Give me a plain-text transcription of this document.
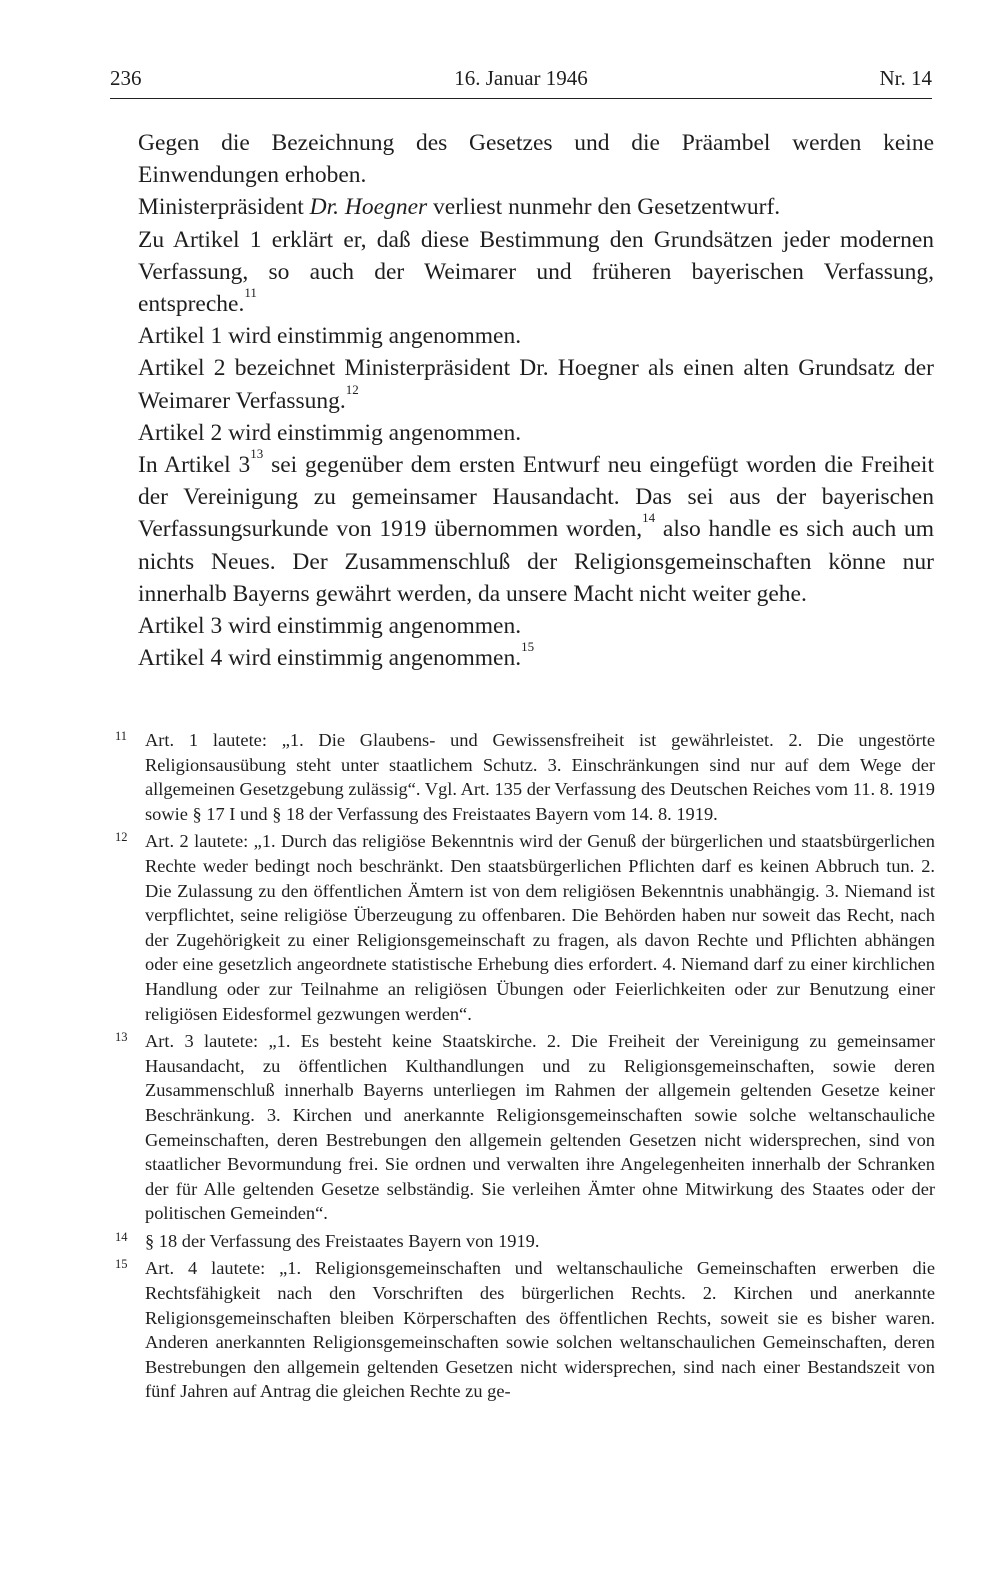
236	16. Januar 1946	Nr. 14

Gegen die Bezeichnung des Gesetzes und die Präambel werden keine Einwendungen erhoben.

Ministerpräsident Dr. Hoegner verliest nunmehr den Gesetzentwurf.

Zu Artikel 1 erklärt er, daß diese Bestimmung den Grundsätzen jeder modernen Verfassung, so auch der Weimarer und früheren bayerischen Verfassung, entspreche.$^{11}$

Artikel 1 wird einstimmig angenommen.

Artikel 2 bezeichnet Ministerpräsident Dr. Hoegner als einen alten Grundsatz der Weimarer Verfassung.$^{12}$

Artikel 2 wird einstimmig angenommen.

In Artikel $3^{13}$ sei gegenüber dem ersten Entwurf neu eingefügt worden die Freiheit der Vereinigung zu gemeinsamer Hausandacht. Das sei aus der bayerischen Verfassungsurkunde von 1919 übernommen worden,$^{14}$ also handle es sich auch um nichts Neues. Der Zusammenschluß der Religionsgemeinschaften könne nur innerhalb Bayerns gewährt werden, da unsere Macht nicht weiter gehe.

Artikel 3 wird einstimmig angenommen.

Artikel 4 wird einstimmig angenommen.$^{15}$

11 Art. 1 lautete: „1. Die Glaubens- und Gewissensfreiheit ist gewährleistet. 2. Die ungestörte Religionsausübung steht unter staatlichem Schutz. 3. Einschränkungen sind nur auf dem Wege der allgemeinen Gesetzgebung zulässig“. Vgl. Art. 135 der Verfassung des Deutschen Reiches vom 11. 8. 1919 sowie § 17 I und § 18 der Verfassung des Freistaates Bayern vom 14. 8. 1919.
12 Art. 2 lautete: „1. Durch das religiöse Bekenntnis wird der Genuß der bürgerlichen und staatsbürgerlichen Rechte weder bedingt noch beschränkt. Den staatsbürgerlichen Pflichten darf es keinen Abbruch tun. 2. Die Zulassung zu den öffentlichen Ämtern ist von dem religiösen Bekenntnis unabhängig. 3. Niemand ist verpflichtet, seine religiöse Überzeugung zu offenbaren. Die Behörden haben nur soweit das Recht, nach der Zugehörigkeit zu einer Religionsgemeinschaft zu fragen, als davon Rechte und Pflichten abhängen oder eine gesetzlich angeordnete statistische Erhebung dies erfordert. 4. Niemand darf zu einer kirchlichen Handlung oder zur Teilnahme an religiösen Übungen oder Feierlichkeiten oder zur Benutzung einer religiösen Eidesformel gezwungen werden“.
13 Art. 3 lautete: „1. Es besteht keine Staatskirche. 2. Die Freiheit der Vereinigung zu gemeinsamer Hausandacht, zu öffentlichen Kulthandlungen und zu Religionsgemeinschaften, sowie deren Zusammenschluß innerhalb Bayerns unterliegen im Rahmen der allgemein geltenden Gesetze keiner Beschränkung. 3. Kirchen und anerkannte Religionsgemeinschaften sowie solche weltanschauliche Gemeinschaften, deren Bestrebungen den allgemein geltenden Gesetzen nicht widersprechen, sind von staatlicher Bevormundung frei. Sie ordnen und verwalten ihre Angelegenheiten innerhalb der Schranken der für Alle geltenden Gesetze selbständig. Sie verleihen Ämter ohne Mitwirkung des Staates oder der politischen Gemeinden“.
14 § 18 der Verfassung des Freistaates Bayern von 1919.
15 Art. 4 lautete: „1. Religionsgemeinschaften und weltanschauliche Gemeinschaften erwerben die Rechtsfähigkeit nach den Vorschriften des bürgerlichen Rechts. 2. Kirchen und anerkannte Religionsgemeinschaften bleiben Körperschaften des öffentlichen Rechts, soweit sie es bisher waren. Anderen anerkannten Religionsgemeinschaften sowie solchen weltanschaulichen Gemeinschaften, deren Bestrebungen den allgemein geltenden Gesetzen nicht widersprechen, sind nach einer Bestandszeit von fünf Jahren auf Antrag die gleichen Rechte zu ge-
